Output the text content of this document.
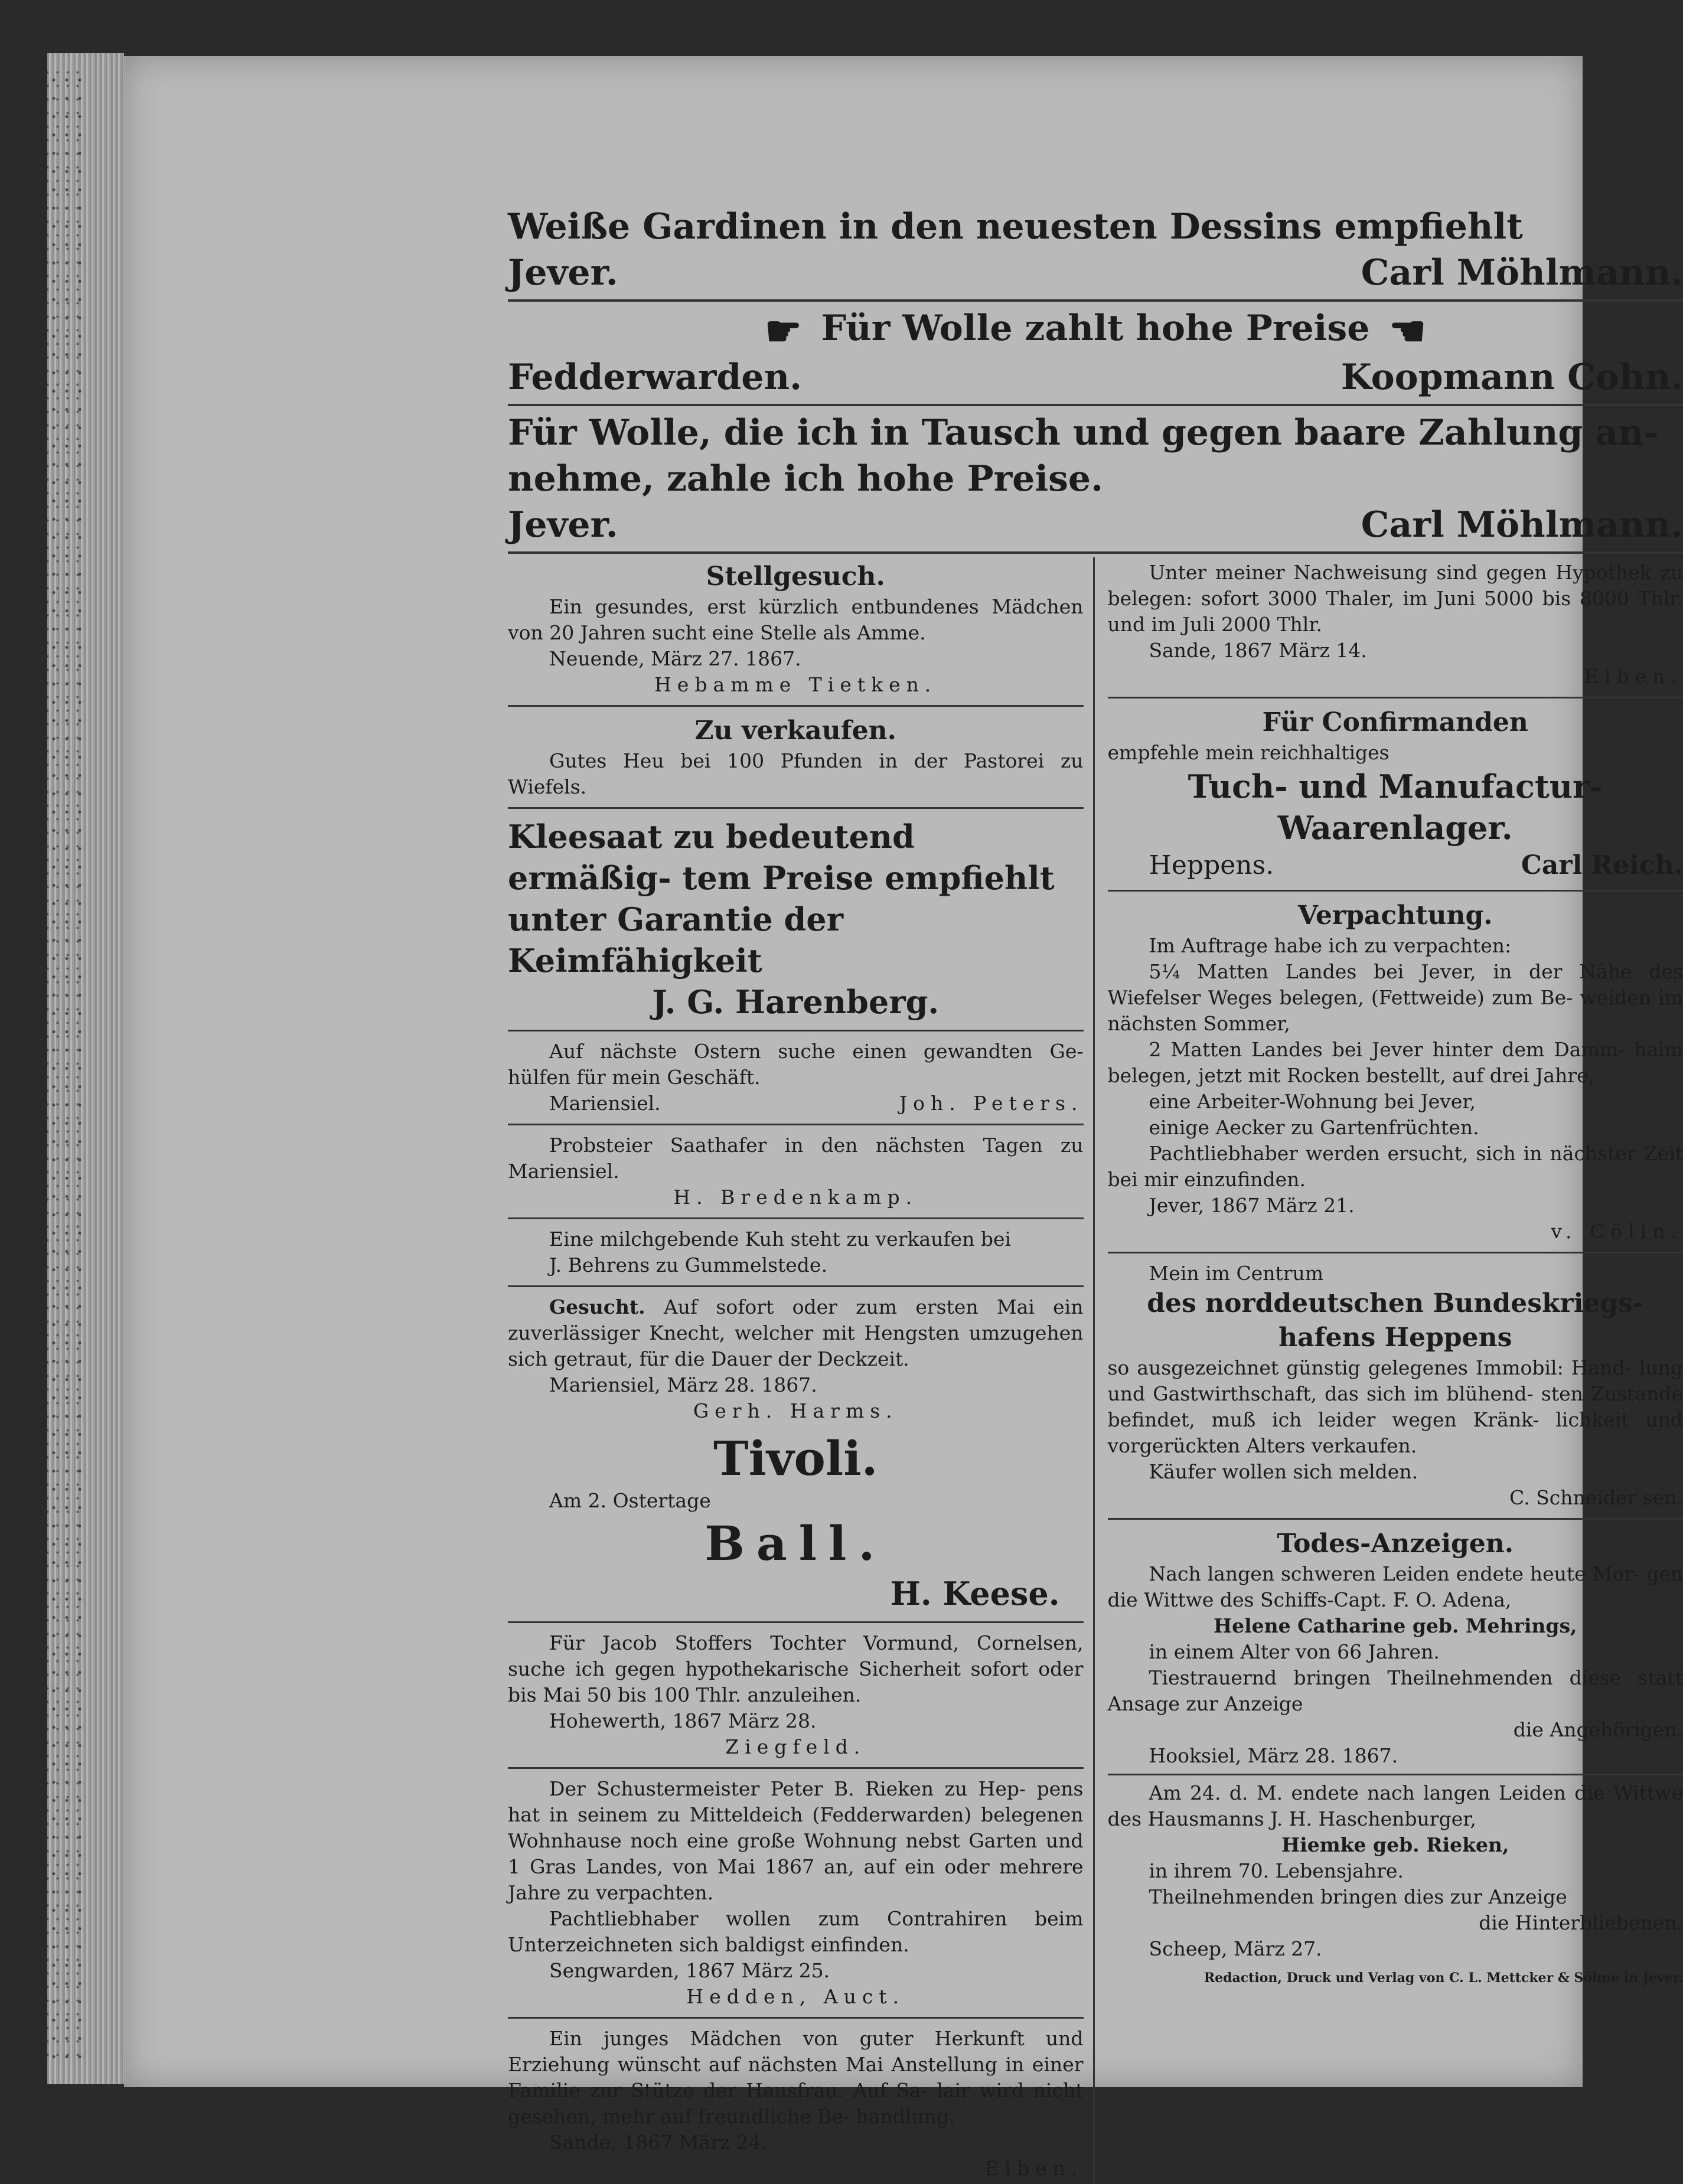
Weiße Gardinen in den neuesten Dessins empfiehlt
Jever.	Carl Möhlmann.
☛ Für Wolle zahlt hohe Preise ☚
Fedderwarden.	Koopmann Cohn.
Für Wolle, die ich in Tausch und gegen baare Zahlung an-
nehme, zahle ich hohe Preise.
Jever.	Carl Möhlmann.
Stellgesuch.
Ein gesundes, erst kürzlich entbundenes Mädchen von 20 Jahren sucht eine Stelle als Amme.
Neuende, März 27. 1867.
Hebamme Tietken.
Zu verkaufen.
Gutes Heu bei 100 Pfunden in der Pastorei zu Wiefels.
Kleesaat zu bedeutend ermäßig- tem Preise empfiehlt unter Garantie der Keimfähigkeit
J. G. Harenberg.
Auf nächste Ostern suche einen gewandten Ge- hülfen für mein Geschäft.
Mariensiel.	Joh. Peters.
Probsteier Saathafer in den nächsten Tagen zu Mariensiel.
H. Bredenkamp.
Eine milchgebende Kuh steht zu verkaufen bei
J. Behrens zu Gummelstede.
Gesucht. Auf sofort oder zum ersten Mai ein zuverlässiger Knecht, welcher mit Hengsten umzugehen sich getraut, für die Dauer der Deckzeit.
Mariensiel, März 28. 1867.
Gerh. Harms.
Tivoli.
Am 2. Ostertage
Ball.
H. Keese.
Für Jacob Stoffers Tochter Vormund, Cornelsen, suche ich gegen hypothekarische Sicherheit sofort oder bis Mai 50 bis 100 Thlr. anzuleihen.
Hohewerth, 1867 März 28.
Ziegfeld.
Der Schustermeister Peter B. Rieken zu Hep- pens hat in seinem zu Mitteldeich (Fedderwarden) belegenen Wohnhause noch eine große Wohnung nebst Garten und 1 Gras Landes, von Mai 1867 an, auf ein oder mehrere Jahre zu verpachten.
Pachtliebhaber wollen zum Contrahiren beim Unterzeichneten sich baldigst einfinden.
Sengwarden, 1867 März 25.
Hedden, Auct.
Ein junges Mädchen von guter Herkunft und Erziehung wünscht auf nächsten Mai Anstellung in einer Familie zur Stütze der Hausfrau. Auf Sa- lair wird nicht gesehen, mehr auf freundliche Be- handlung.
Sande, 1867 März 24.
Eiben.
Unter meiner Nachweisung sind gegen Hypothek zu belegen: sofort 3000 Thaler, im Juni 5000 bis 8000 Thlr. und im Juli 2000 Thlr.
Sande, 1867 März 14.
Eiben.
Für Confirmanden
empfehle mein reichhaltiges
Tuch- und Manufactur-
Waarenlager.
Heppens.	Carl Reich.
Verpachtung.
Im Auftrage habe ich zu verpachten:
5¼ Matten Landes bei Jever, in der Nähe des Wiefelser Weges belegen, (Fettweide) zum Be- weiden im nächsten Sommer,
2 Matten Landes bei Jever hinter dem Damm- halm belegen, jetzt mit Rocken bestellt, auf drei Jahre,
eine Arbeiter-Wohnung bei Jever,
einige Aecker zu Gartenfrüchten.
Pachtliebhaber werden ersucht, sich in nächster Zeit bei mir einzufinden.
Jever, 1867 März 21.
v. Cölln.
Mein im Centrum
des norddeutschen Bundeskriegs-
hafens Heppens
so ausgezeichnet günstig gelegenes Immobil: Hand- lung und Gastwirthschaft, das sich im blühend- sten Zustande befindet, muß ich leider wegen Kränk- lichkeit und vorgerückten Alters verkaufen.
Käufer wollen sich melden.
C. Schneider sen.
Todes-Anzeigen.
Nach langen schweren Leiden endete heute Mor- gen die Wittwe des Schiffs-Capt. F. O. Adena,
Helene Catharine geb. Mehrings,
in einem Alter von 66 Jahren.
Tiestrauernd bringen Theilnehmenden diese statt Ansage zur Anzeige
die Angehörigen.
Hooksiel, März 28. 1867.
Am 24. d. M. endete nach langen Leiden die Wittwe des Hausmanns J. H. Haschenburger,
Hiemke geb. Rieken,
in ihrem 70. Lebensjahre.
Theilnehmenden bringen dies zur Anzeige
die Hinterbliebenen.
Scheep, März 27.
Redaction, Druck und Verlag von C. L. Mettcker & Söhne in Jever.
